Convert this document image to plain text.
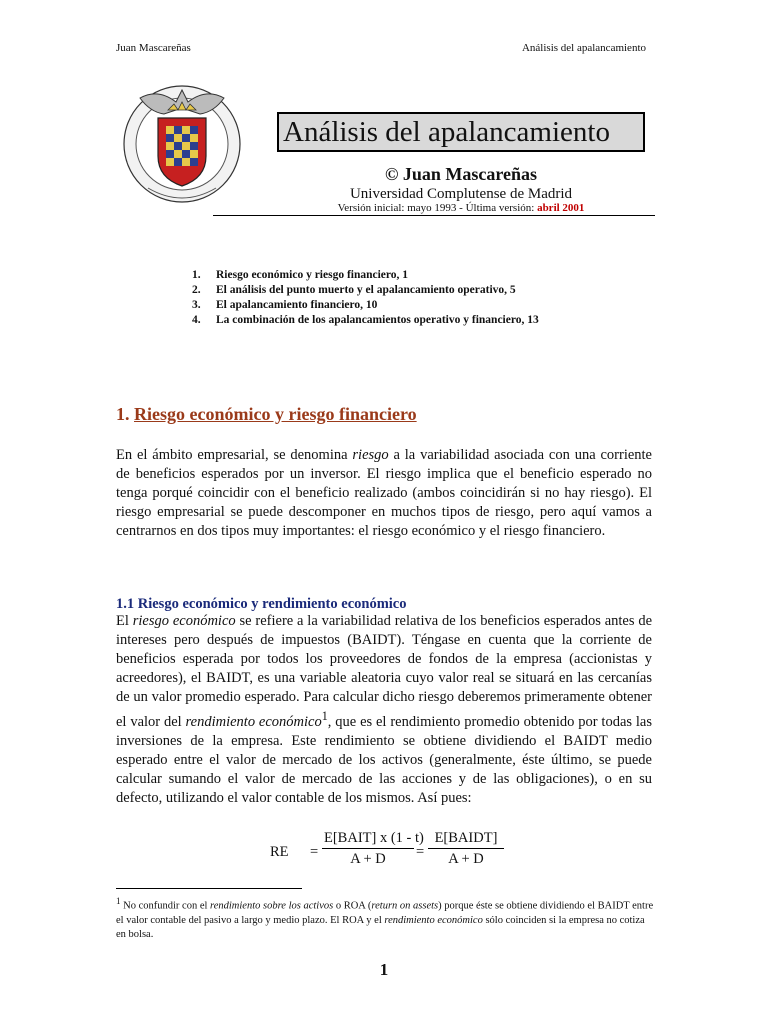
Juan Mascareñas	Análisis del apalancamiento
Análisis del apalancamiento
© Juan Mascareñas
Universidad Complutense de Madrid
Versión inicial: mayo 1993 - Última versión: abril 2001
1. Riesgo económico y riesgo financiero, 1
2. El análisis del punto muerto y el apalancamiento operativo, 5
3. El apalancamiento financiero, 10
4. La combinación de los apalancamientos operativo y financiero, 13
1. Riesgo económico y riesgo financiero

En el ámbito empresarial, se denomina riesgo a la variabilidad asociada con una corriente de beneficios esperados por un inversor. El riesgo implica que el beneficio esperado no tenga porqué coincidir con el beneficio realizado (ambos coincidirán si no hay riesgo). El riesgo empresarial se puede descomponer en muchos tipos de riesgo, pero aquí vamos a centrarnos en dos tipos muy importantes: el riesgo económico y el riesgo financiero.

1.1 Riesgo económico y rendimiento económico

El riesgo económico se refiere a la variabilidad relativa de los beneficios esperados antes de intereses pero después de impuestos (BAIDT). Téngase en cuenta que la corriente de beneficios esperada por todos los proveedores de fondos de la empresa (accionistas y acreedores), el BAIDT, es una variable aleatoria cuyo valor real se situará en las cercanías de un valor promedio esperado. Para calcular dicho riesgo deberemos primeramente obtener el valor del rendimiento económico$^1$, que es el rendimiento promedio obtenido por todas las inversiones de la empresa. Este rendimiento se obtiene dividiendo el BAIDT medio esperado entre el valor de mercado de los activos (generalmente, éste último, se puede calcular sumando el valor de mercado de las acciones y de las obligaciones), o en su defecto, utilizando el valor contable de los mismos. Así pues:

RE =
E[BAIT] x (1 - t)
A + D	=
E[BAIDT]
A + D
$^1$ No confundir con el rendimiento sobre los activos o ROA (return on assets) porque éste se obtiene dividiendo el BAIDT entre el valor contable del pasivo a largo y medio plazo. El ROA y el rendimiento económico sólo coinciden si la empresa no cotiza en bolsa.
1
